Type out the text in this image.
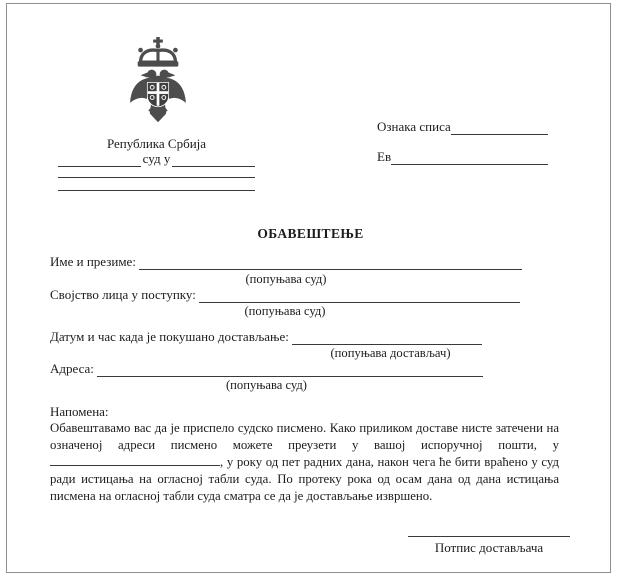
Република Србија
суд у
Ознака списа
Ев
ОБАВЕШТЕЊЕ
Име и презиме:
(попуњава суд)
Својство лица у поступку:
(попуњава суд)
Датум и час када је покушано достављање:
(попуњава достављач)
Адреса:
(попуњава суд)
Напомена:
Обавештавамо вас да је приспело судско писмено. Како приликом доставе нисте затечени на означеној адреси писмено можете преузети у вашој испоручној пошти, у, у року од пет радних дана, након чега ће бити враћено у суд ради истицања на огласној табли суда. По протеку рока од осам дана од дана истицања писмена на огласној табли суда сматра се да је достављање извршено.
Потпис достављача
